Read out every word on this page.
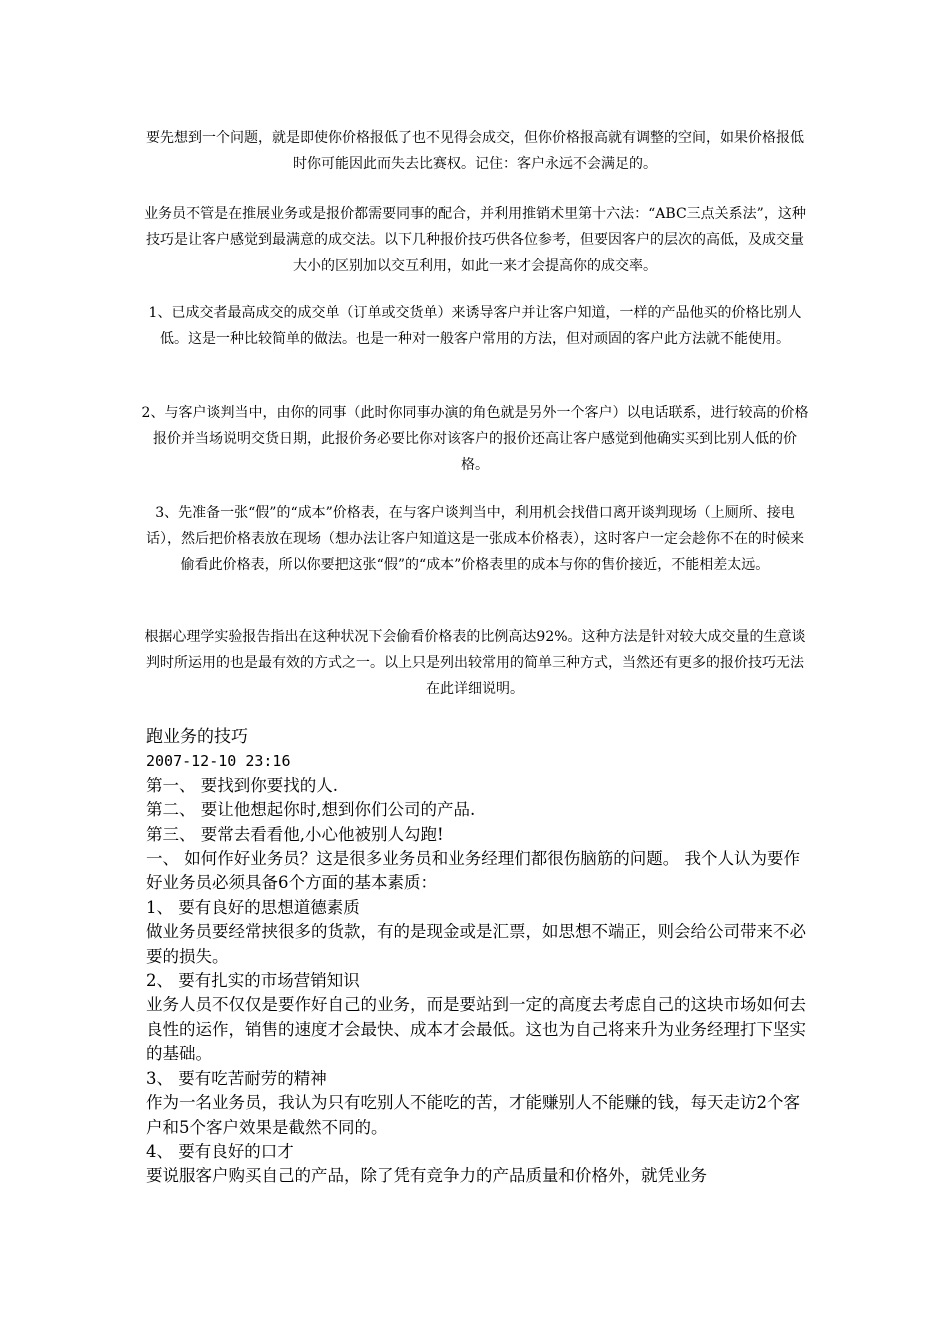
要先想到一个问题，就是即使你价格报低了也不见得会成交，但你价格报高就有调整的空间，如果价格报低时你可能因此而失去比赛权。记住：客户永远不会满足的。

业务员不管是在推展业务或是报价都需要同事的配合，并利用推销术里第十六法：“ABC三点关系法”，这种技巧是让客户感觉到最满意的成交法。以下几种报价技巧供各位参考，但要因客户的层次的高低，及成交量大小的区别加以交互利用，如此一来才会提高你的成交率。

1、已成交者最高成交的成交单（订单或交货单）来诱导客户并让客户知道，一样的产品他买的价格比别人低。这是一种比较简单的做法。也是一种对一般客户常用的方法，但对顽固的客户此方法就不能使用。

2、与客户谈判当中，由你的同事（此时你同事办演的角色就是另外一个客户）以电话联系，进行较高的价格报价并当场说明交货日期，此报价务必要比你对该客户的报价还高让客户感觉到他确实买到比别人低的价格。

3、先准备一张“假”的“成本”价格表，在与客户谈判当中，利用机会找借口离开谈判现场（上厕所、接电话），然后把价格表放在现场（想办法让客户知道这是一张成本价格表），这时客户一定会趁你不在的时候来偷看此价格表，所以你要把这张“假”的“成本”价格表里的成本与你的售价接近，不能相差太远。

根据心理学实验报告指出在这种状况下会偷看价格表的比例高达92%。这种方法是针对较大成交量的生意谈判时所运用的也是最有效的方式之一。以上只是列出较常用的简单三种方式，当然还有更多的报价技巧无法在此详细说明。

跑业务的技巧
2007-12-10 23:16
第一、 要找到你要找的人.
第二、 要让他想起你时,想到你们公司的产品.
第三、 要常去看看他,小心他被别人勾跑!
一、 如何作好业务员？这是很多业务员和业务经理们都很伤脑筋的问题。 我个人认为要作好业务员必须具备6个方面的基本素质：
1、 要有良好的思想道德素质
做业务员要经常挟很多的货款，有的是现金或是汇票，如思想不端正，则会给公司带来不必要的损失。
2、 要有扎实的市场营销知识
业务人员不仅仅是要作好自己的业务，而是要站到一定的高度去考虑自己的这块市场如何去良性的运作，销售的速度才会最快、成本才会最低。这也为自己将来升为业务经理打下坚实的基础。
3、 要有吃苦耐劳的精神
作为一名业务员，我认为只有吃别人不能吃的苦，才能赚别人不能赚的钱，每天走访2个客户和5个客户效果是截然不同的。
4、 要有良好的口才
要说服客户购买自己的产品，除了凭有竞争力的产品质量和价格外，就凭业务
